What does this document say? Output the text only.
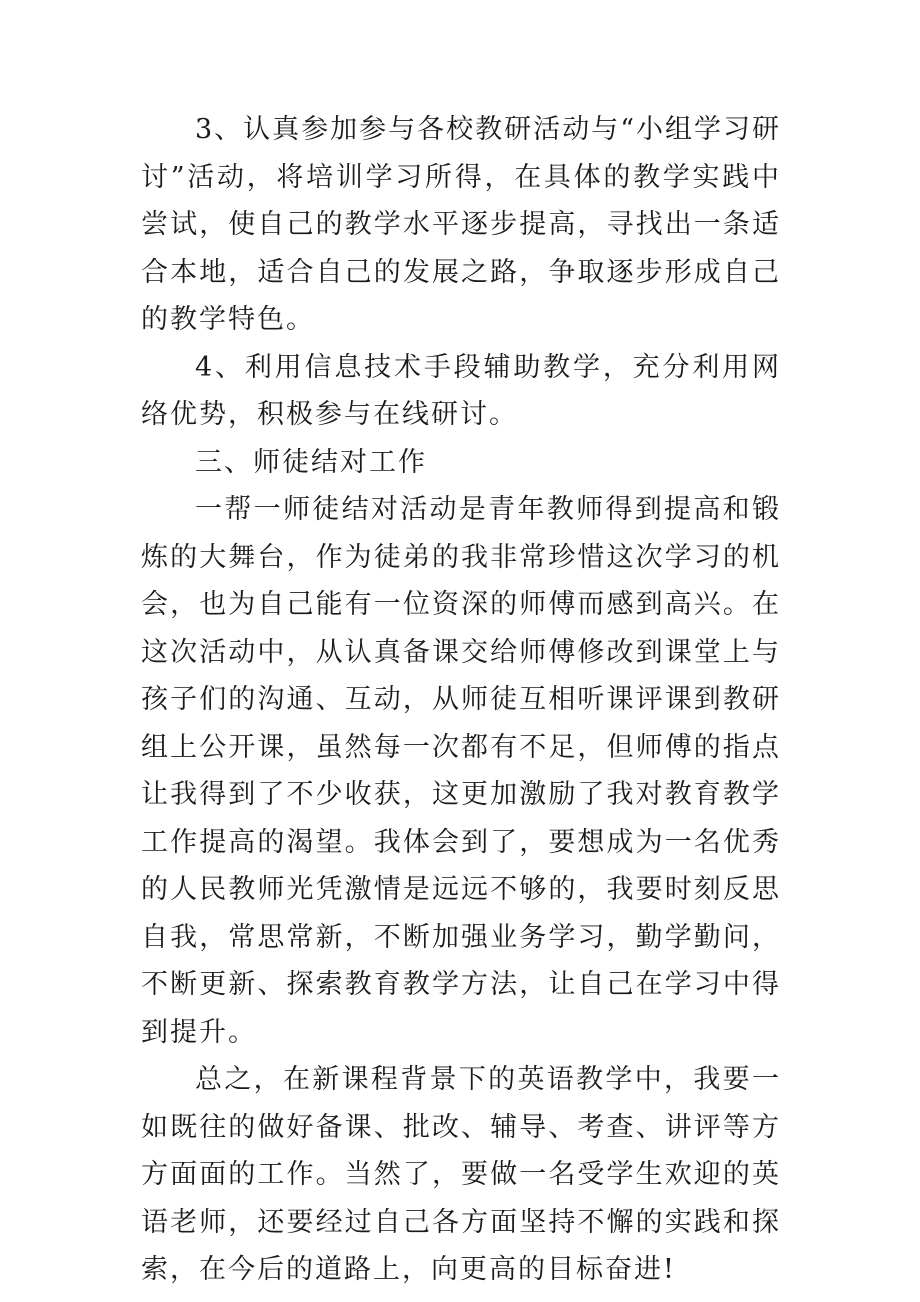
3、认真参加参与各校教研活动与“小组学习研讨”活动，将培训学习所得，在具体的教学实践中尝试，使自己的教学水平逐步提高，寻找出一条适合本地，适合自己的发展之路，争取逐步形成自己的教学特色。

4、利用信息技术手段辅助教学，充分利用网络优势，积极参与在线研讨。

三、师徒结对工作

一帮一师徒结对活动是青年教师得到提高和锻炼的大舞台，作为徒弟的我非常珍惜这次学习的机会，也为自己能有一位资深的师傅而感到高兴。在这次活动中，从认真备课交给师傅修改到课堂上与孩子们的沟通、互动，从师徒互相听课评课到教研组上公开课，虽然每一次都有不足，但师傅的指点让我得到了不少收获，这更加激励了我对教育教学工作提高的渴望。我体会到了，要想成为一名优秀的人民教师光凭激情是远远不够的，我要时刻反思自我，常思常新，不断加强业务学习，勤学勤问，不断更新、探索教育教学方法，让自己在学习中得到提升。

总之，在新课程背景下的英语教学中，我要一如既往的做好备课、批改、辅导、考查、讲评等方方面面的工作。当然了，要做一名受学生欢迎的英语老师，还要经过自己各方面坚持不懈的实践和探索，在今后的道路上，向更高的目标奋进!
